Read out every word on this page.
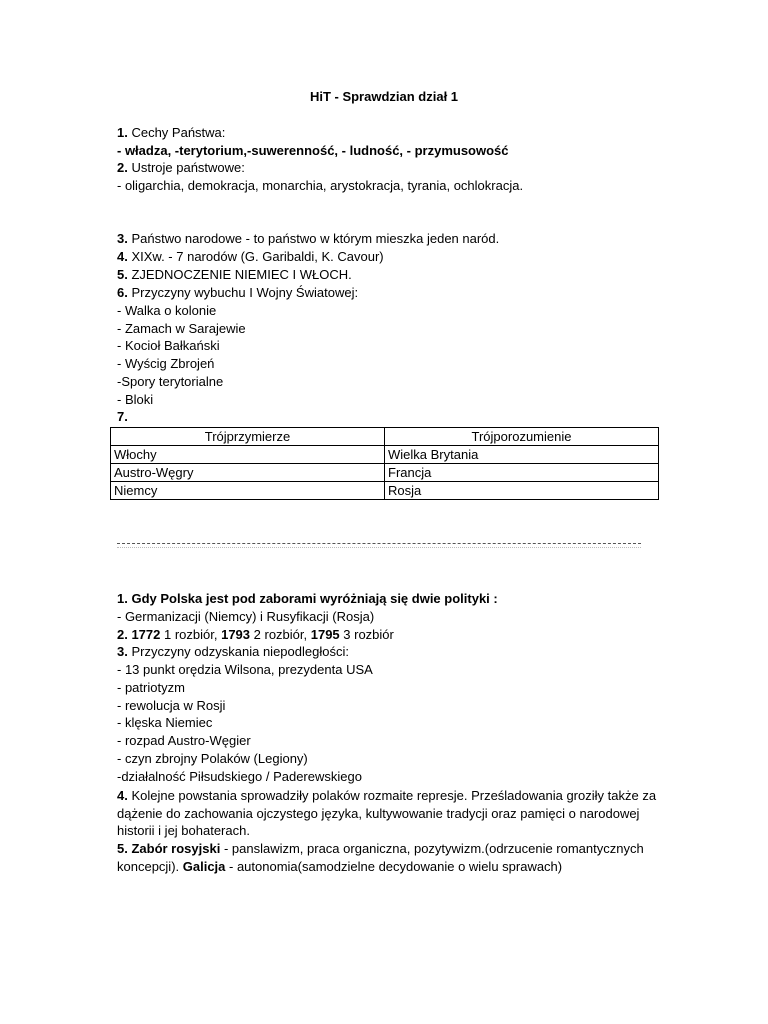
HiT - Sprawdzian dział 1
1. Cechy Państwa:
- władza, -terytorium,-suwerenność, - ludność, - przymusowość
2. Ustroje państwowe:
- oligarchia, demokracja, monarchia, arystokracja, tyrania, ochlokracja.
3. Państwo narodowe - to państwo w którym mieszka jeden naród.
4. XIXw. - 7 narodów (G. Garibaldi, K. Cavour)
5. ZJEDNOCZENIE NIEMIEC I WŁOCH.
6. Przyczyny wybuchu I Wojny Światowej:
- Walka o kolonie
- Zamach w Sarajewie
- Kocioł Bałkański
- Wyścig Zbrojeń
-Spory terytorialne
- Bloki
7.
Trójprzymierze	Trójporozumienie
Włochy	Wielka Brytania
Austro-Węgry	Francja
Niemcy	Rosja
1. Gdy Polska jest pod zaborami wyróżniają się dwie polityki :
- Germanizacji (Niemcy) i Rusyfikacji (Rosja)
2. 1772 1 rozbiór, 1793 2 rozbiór, 1795 3 rozbiór
3. Przyczyny odzyskania niepodległości:
- 13 punkt orędzia Wilsona, prezydenta USA
- patriotyzm
- rewolucja w Rosji
- klęska Niemiec
- rozpad Austro-Węgier
- czyn zbrojny Polaków (Legiony)
-działalność Piłsudskiego / Paderewskiego
4. Kolejne powstania sprowadziły polaków rozmaite represje. Prześladowania groziły także za dążenie do zachowania ojczystego języka, kultywowanie tradycji oraz pamięci o narodowej historii i jej bohaterach.
5. Zabór rosyjski - panslawizm, praca organiczna, pozytywizm.(odrzucenie romantycznych koncepcji). Galicja - autonomia(samodzielne decydowanie o wielu sprawach)
